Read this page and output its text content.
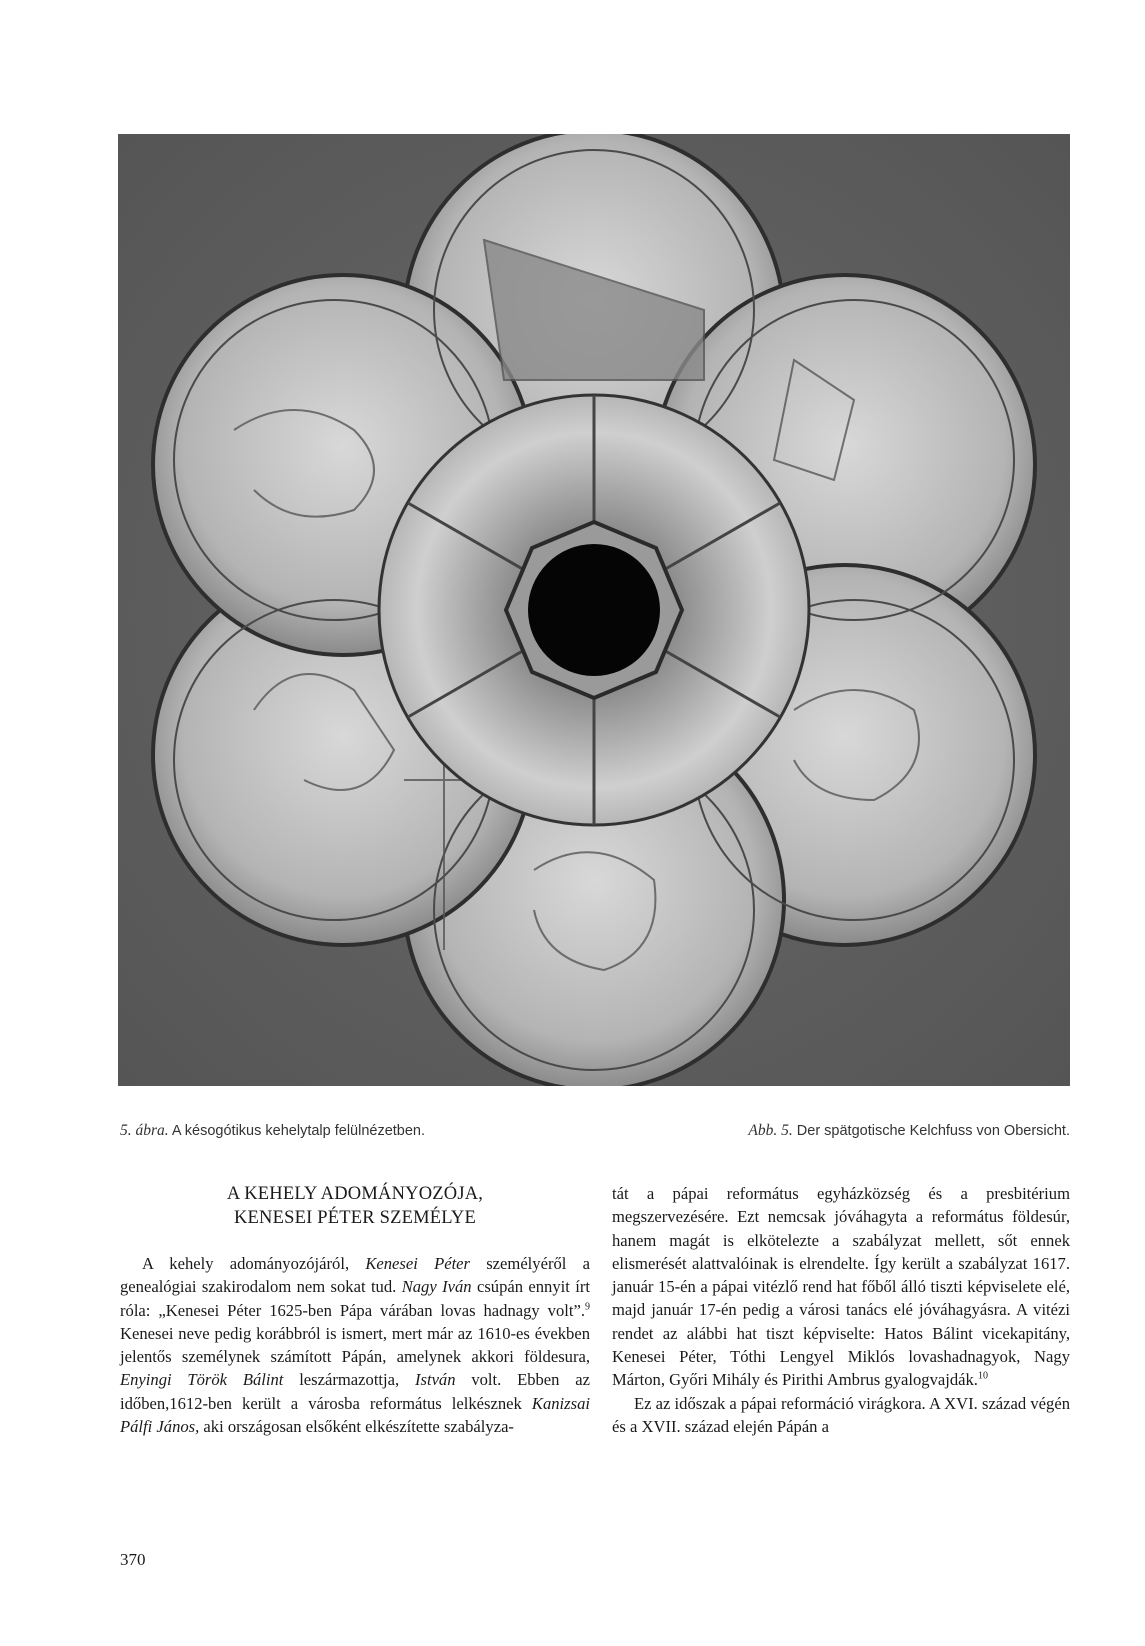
5. ábra. A késogótikus kehelytalp felülnézetben.	Abb. 5. Der spätgotische Kelchfuss von Obersicht.
A KEHELY ADOMÁNYOZÓJA,
KENESEI PÉTER SZEMÉLYE

A kehely adományozójáról, Kenesei Péter személyéről a genealógiai szakirodalom nem sokat tud. Nagy Iván csúpán ennyit írt róla: „Kenesei Péter 1625-ben Pápa várában lovas hadnagy volt”.$^9$ Kenesei neve pedig korábbról is ismert, mert már az 1610-es években jelentős személynek számított Pápán, amelynek akkori földesura, Enyingi Török Bálint leszármazottja, István volt. Ebben az időben,1612-ben került a városba református lelkésznek Kanizsai Pálfi János, aki országosan elsőként elkészítette szabályza-

tát a pápai református egyházközség és a presbitérium megszervezésére. Ezt nemcsak jóváhagyta a református földesúr, hanem magát is elkötelezte a szabályzat mellett, sőt ennek elismerését alattvalóinak is elrendelte. Így került a szabályzat 1617. január 15-én a pápai vitézlő rend hat főből álló tiszti képviselete elé, majd január 17-én pedig a városi tanács elé jóváhagyásra. A vitézi rendet az alábbi hat tiszt képviselte: Hatos Bálint vicekapitány, Kenesei Péter, Tóthi Lengyel Miklós lovashadnagyok, Nagy Márton, Győri Mihály és Pirithi Ambrus gyalogvajdák.$^{10}$

Ez az időszak a pápai reformáció virágkora. A XVI. század végén és a XVII. század elején Pápán a

370
